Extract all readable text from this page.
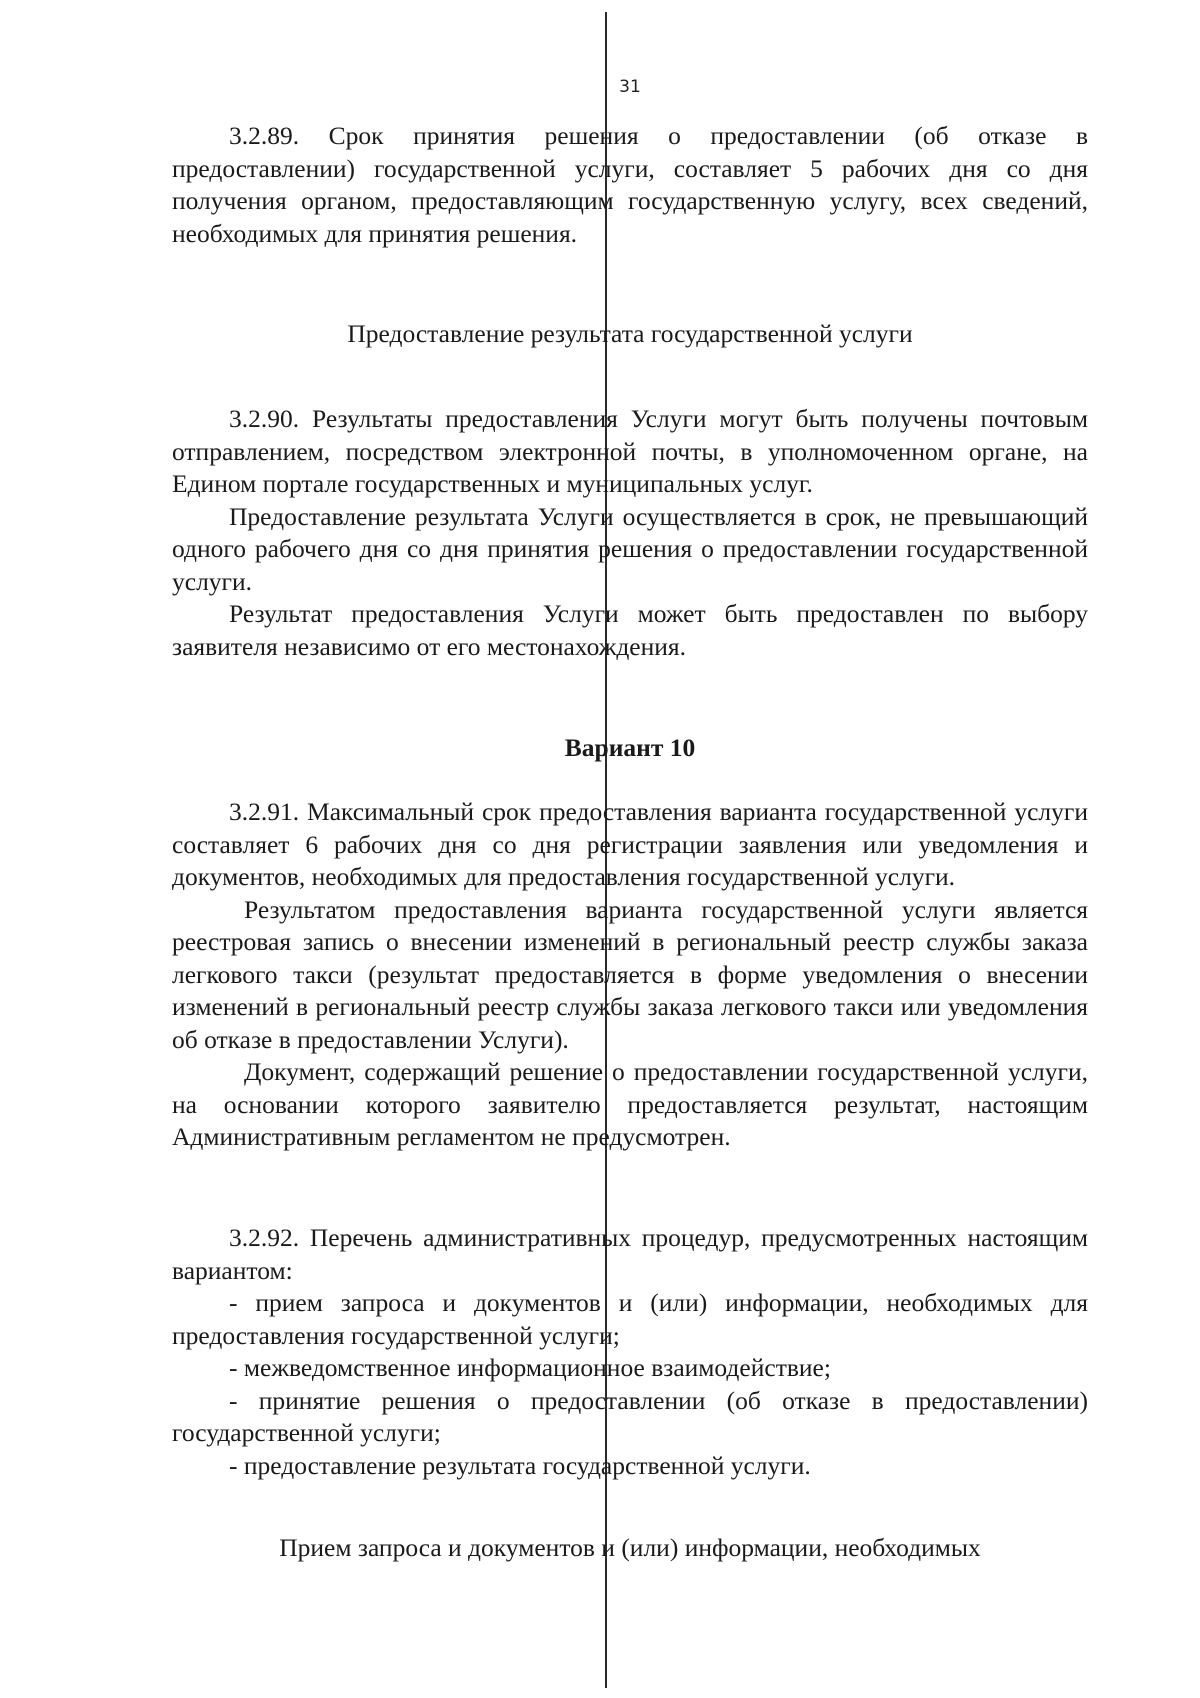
31

3.2.89. Срок принятия решения о предоставлении (об отказе в предоставлении) государственной услуги, составляет 5 рабочих дня со дня получения органом, предоставляющим государственную услугу, всех сведений, необходимых для принятия решения.

Предоставление результата государственной услуги

3.2.90. Результаты предоставления Услуги могут быть получены почтовым отправлением, посредством электронной почты, в уполномоченном органе, на Едином портале государственных и муниципальных услуг.

Предоставление результата Услуги осуществляется в срок, не превышающий одного рабочего дня со дня принятия решения о предоставлении государственной услуги.

Результат предоставления Услуги может быть предоставлен по выбору заявителя независимо от его местонахождения.

Вариант 10

3.2.91. Максимальный срок предоставления варианта государственной услуги составляет 6 рабочих дня со дня регистрации заявления или уведомления и документов, необходимых для предоставления государственной услуги.

Результатом предоставления варианта государственной услуги является реестровая запись о внесении изменений в региональный реестр службы заказа легкового такси (результат предоставляется в форме уведомления о внесении изменений в региональный реестр службы заказа легкового такси или уведомления об отказе в предоставлении Услуги).

Документ, содержащий решение о предоставлении государственной услуги, на основании которого заявителю предоставляется результат, настоящим Административным регламентом не предусмотрен.

3.2.92. Перечень административных процедур, предусмотренных настоящим вариантом:

- прием запроса и документов и (или) информации, необходимых для предоставления государственной услуги;

- межведомственное информационное взаимодействие;

- принятие решения о предоставлении (об отказе в предоставлении) государственной услуги;

- предоставление результата государственной услуги.

Прием запроса и документов и (или) информации, необходимых
